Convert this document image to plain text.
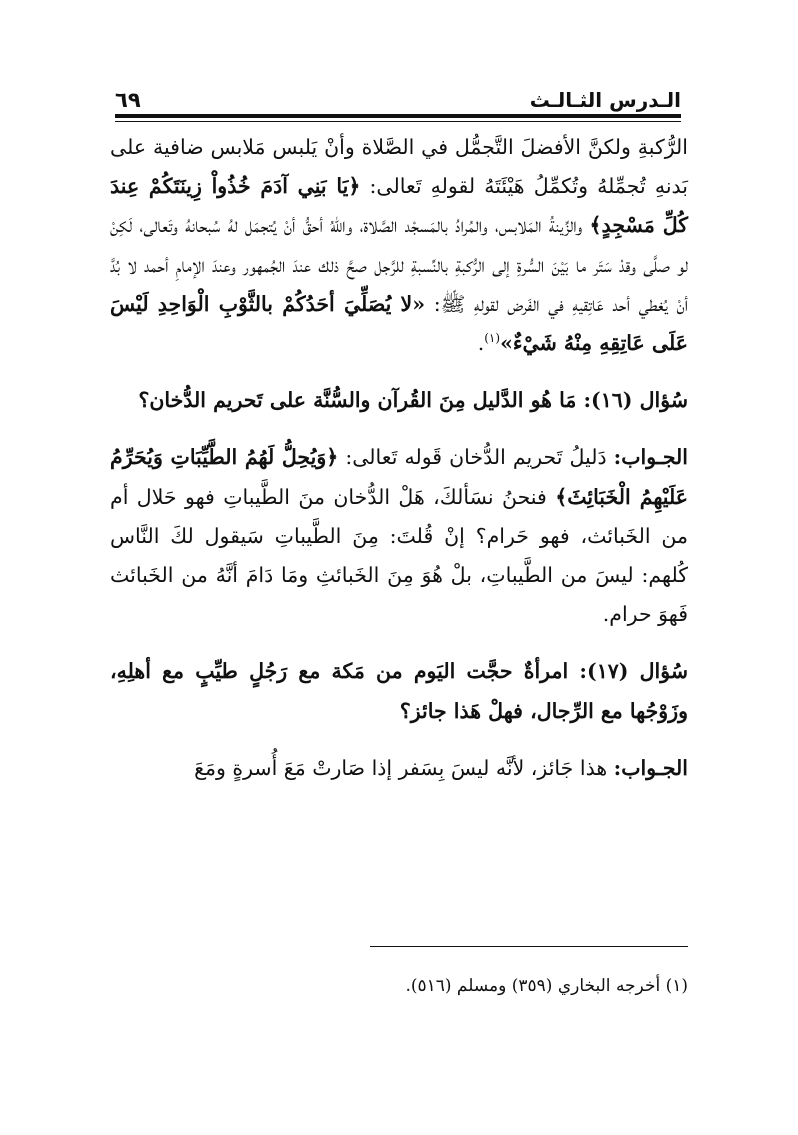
الـدرس الثـالـث
٦٩

الرُّكبةِ ولكنَّ الأفضلَ التَّجمُّل في الصَّلاة وأنْ يَلبس مَلابس ضافية على بَدنهِ تُجمِّلهُ وتُكمِّلُ هَيْئَتَهُ لقولهِ تَعالى: ﴿يَا بَنِي آدَمَ خُذُواْ زِينَتَكُمْ عِندَ كُلِّ مَسْجِدٍ﴾ والزِّينةُ المَلابس، والمُرادُ بالمَسجْد الصَّلاة، واللهُ أحقُّ أنْ يُتجمَل لهُ سُبحانهُ وتَعالى، لَكِنْ لو صلَّى وقدْ سَتَر ما بَيْنَ السُّرةِ إلى الرُّكبةِ بالنِّسبةِ للرَّجل صحَّ ذلك عندَ الجُمهور وعندَ الإمامِ أحمد لا بُدَّ أنْ يُغطي أحد عَاتِقيهِ في الفَرض لقولهِ ﷺ: «لا يُصَلِّيَ أحَدُكُمْ بالثَّوْبِ الْوَاحِدِ لَيْسَ عَلَى عَاتِقِهِ مِنْهُ شَيْءٌ»$^{(١)}$.

سُؤال (١٦): مَا هُو الدَّليل مِنَ القُرآن والسُّنَّة على تَحريم الدُّخان؟

الجـواب: دَليلُ تَحريم الدُّخان قَوله تَعالى: ﴿وَيُحِلُّ لَهُمُ الطَّيِّبَاتِ وَيُحَرِّمُ عَلَيْهِمُ الْخَبَائِثَ﴾ فنحنُ نسَألكَ، هَلْ الدُّخان منَ الطَّيباتِ فهو حَلال أم من الخَبائث، فهو حَرام؟ إنْ قُلتَ: مِنَ الطَّيباتِ سَيقول لكَ النَّاس كُلهم: ليسَ من الطَّيباتِ، بلْ هُوَ مِنَ الخَبائثِ ومَا دَامَ أنَّهُ من الخَبائث فَهوَ حرام.

سُؤال (١٧): امرأةٌ حجَّت اليَوم من مَكة مع رَجُلٍ طيِّبٍ مع أهلِهِ، وزَوْجُها مع الرِّجال، فهلْ هَذا جائز؟

الجـواب: هذا جَائز، لأنَّه ليسَ بِسَفر إذا صَارتْ مَعَ أُسرةٍ ومَعَ

(١) أخرجه البخاري (٣٥٩) ومسلم (٥١٦).
